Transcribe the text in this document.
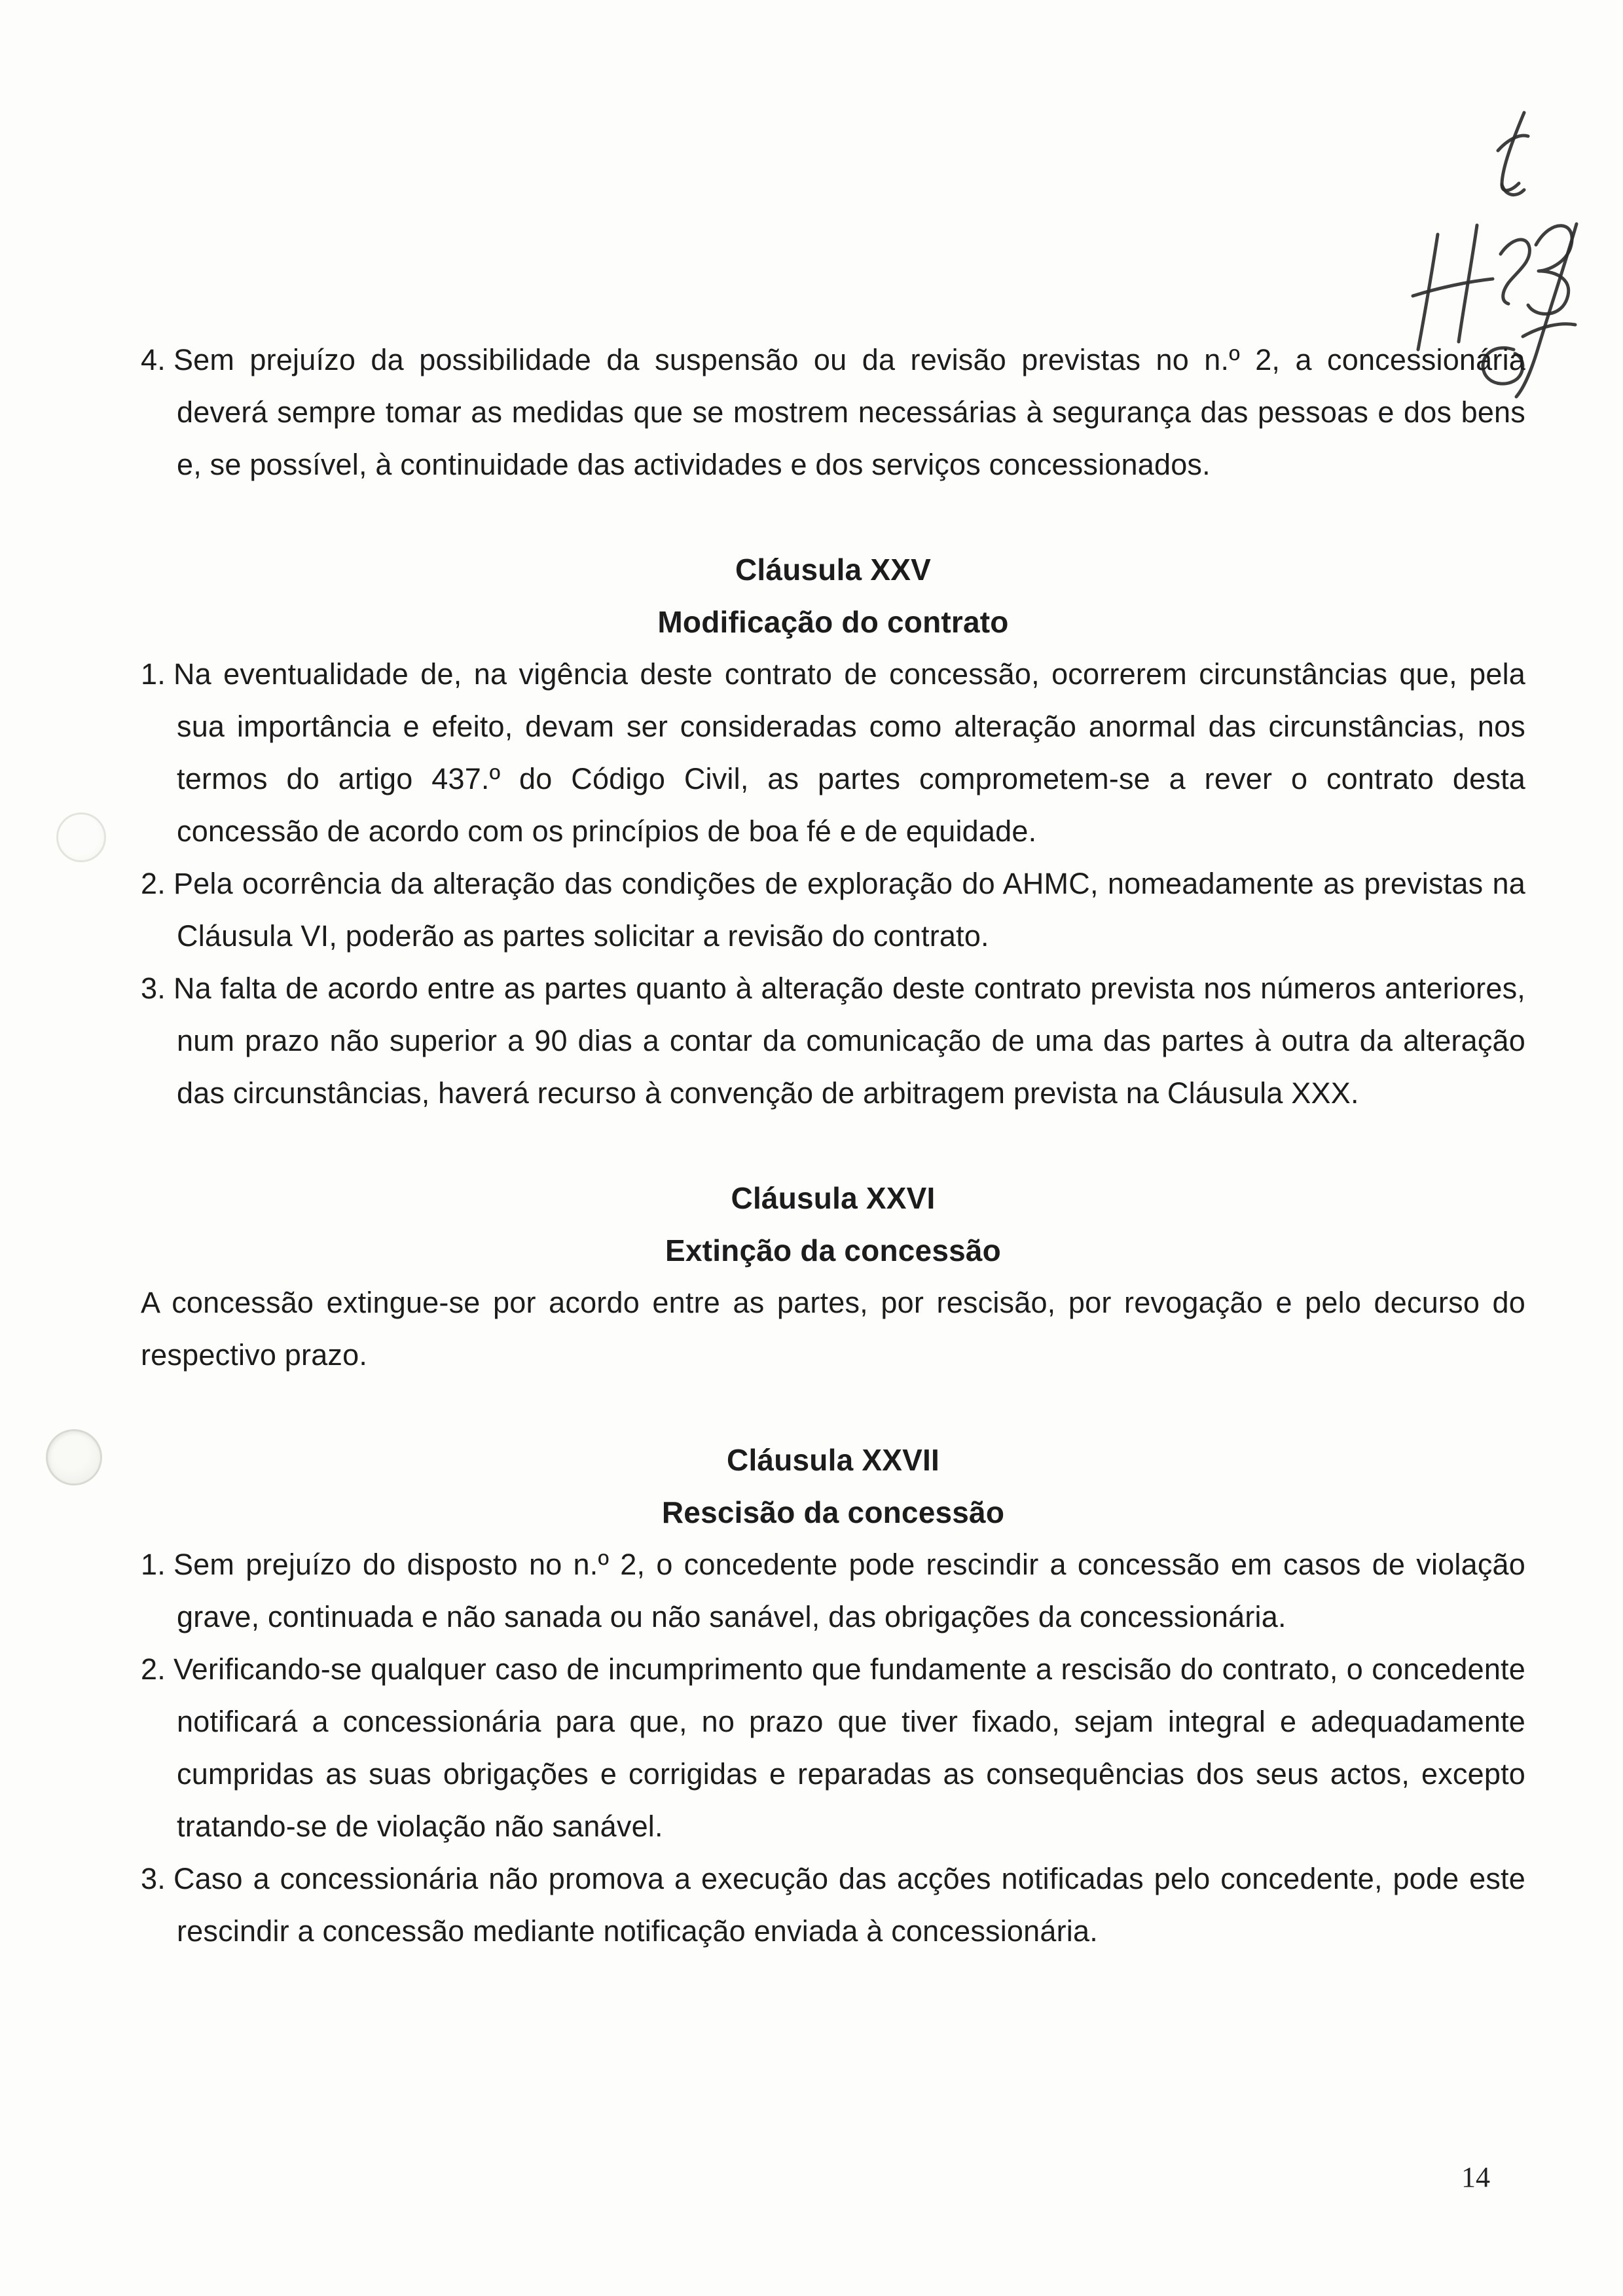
4. Sem prejuízo da possibilidade da suspensão ou da revisão previstas no n.º 2, a concessionária deverá sempre tomar as medidas que se mostrem necessárias à segurança das pessoas e dos bens e, se possível, à continuidade das actividades e dos serviços concessionados.

Cláusula XXV
Modificação do contrato

1. Na eventualidade de, na vigência deste contrato de concessão, ocorrerem circunstâncias que, pela sua importância e efeito, devam ser consideradas como alteração anormal das circunstâncias, nos termos do artigo 437.º do Código Civil, as partes comprometem-se a rever o contrato desta concessão de acordo com os princípios de boa fé e de equidade.

2. Pela ocorrência da alteração das condições de exploração do AHMC, nomeadamente as previstas na Cláusula VI, poderão as partes solicitar a revisão do contrato.

3. Na falta de acordo entre as partes quanto à alteração deste contrato prevista nos números anteriores, num prazo não superior a 90 dias a contar da comunicação de uma das partes à outra da alteração das circunstâncias, haverá recurso à convenção de arbitragem prevista na Cláusula XXX.

Cláusula XXVI
Extinção da concessão

A concessão extingue-se por acordo entre as partes, por rescisão, por revogação e pelo decurso do respectivo prazo.

Cláusula XXVII
Rescisão da concessão

1. Sem prejuízo do disposto no n.º 2, o concedente pode rescindir a concessão em casos de violação grave, continuada e não sanada ou não sanável, das obrigações da concessionária.

2. Verificando-se qualquer caso de incumprimento que fundamente a rescisão do contrato, o concedente notificará a concessionária para que, no prazo que tiver fixado, sejam integral e adequadamente cumpridas as suas obrigações e corrigidas e reparadas as consequências dos seus actos, excepto tratando-se de violação não sanável.

3. Caso a concessionária não promova a execução das acções notificadas pelo concedente, pode este rescindir a concessão mediante notificação enviada à concessionária.

14
